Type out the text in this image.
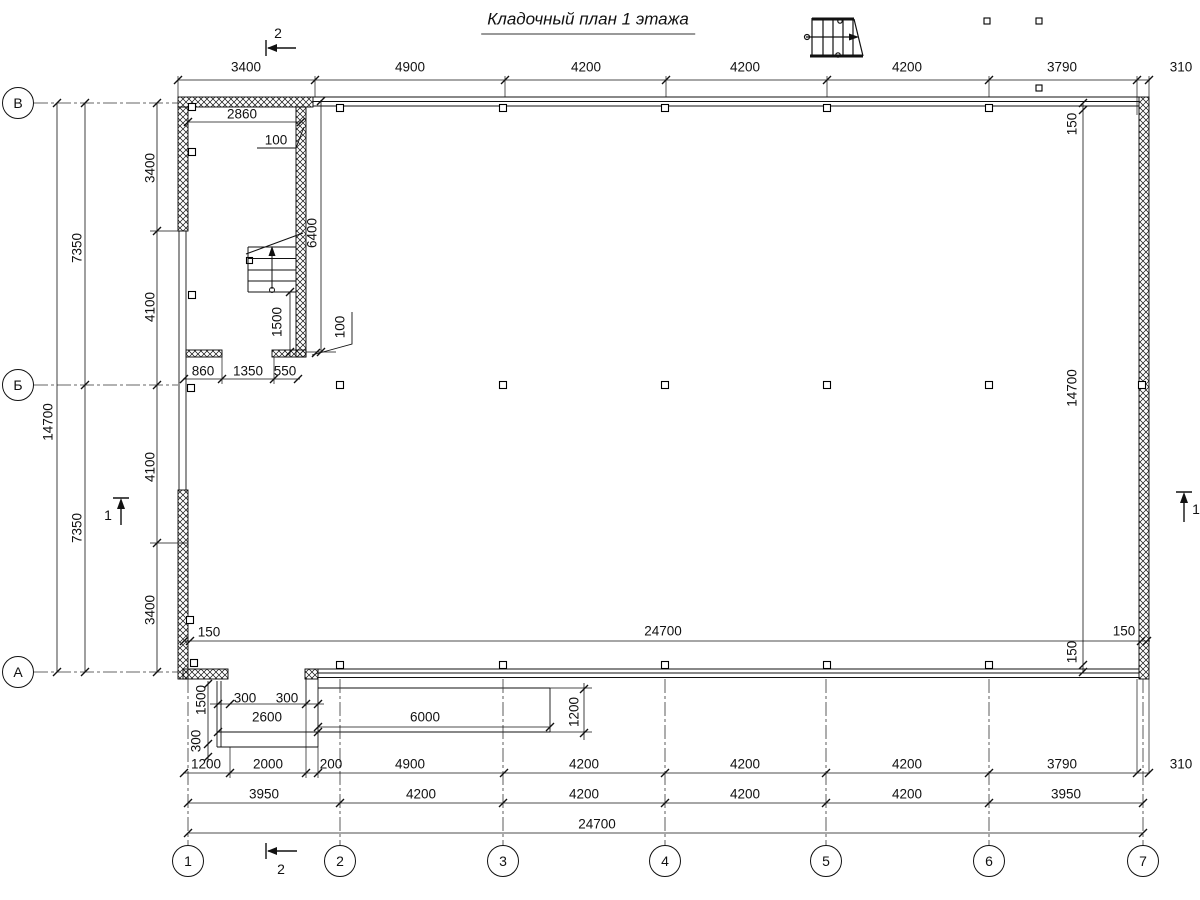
Кладочный план 1 этажа
В
Б
А
1	2	3	4	5	6	7
3400	4900	4200	4200	4200	3790	310
14700
7350
7350
3400
4100
4100
3400
150
14700
150
2860
100
6400
1500	100
860 1350 550
150	24700	150
300 300
2600	6000	1200
1500
300
1200 2000	200	4900	4200	4200	4200	3790	310
3950	4200	4200	4200	4200	3950
24700
2
2
1	1
